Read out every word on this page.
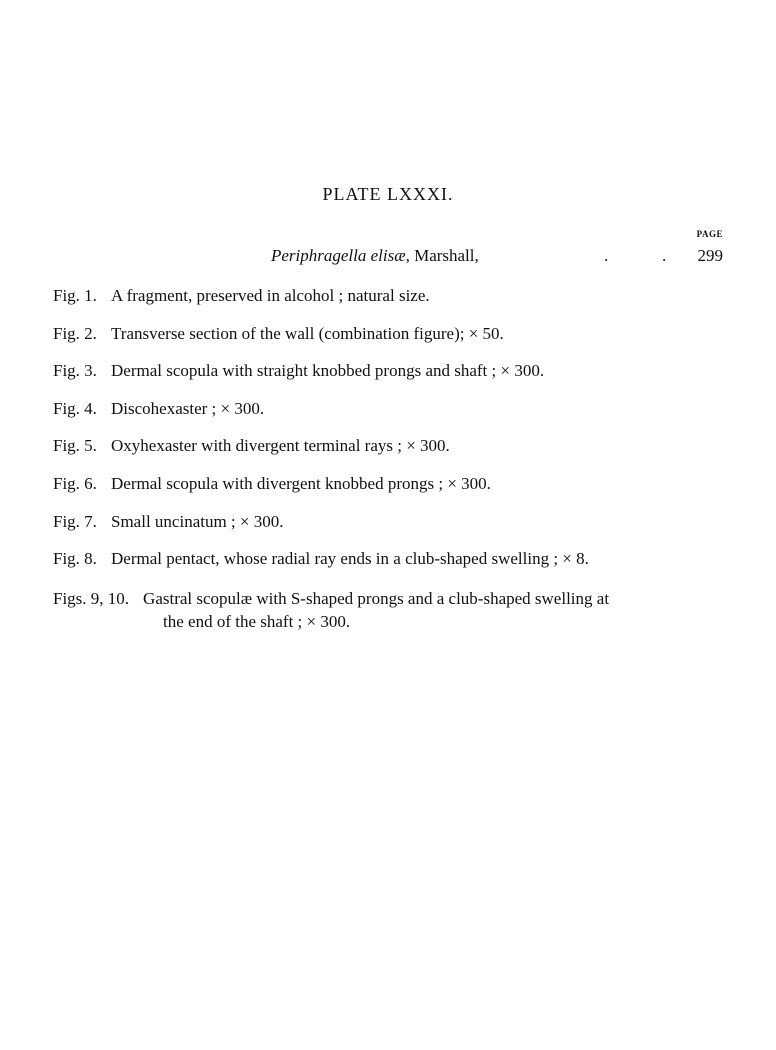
PLATE LXXXI.
PAGE
Periphragella elisæ, Marshall,	.	. 299
Fig. 1. A fragment, preserved in alcohol ; natural size.
Fig. 2. Transverse section of the wall (combination figure); × 50.
Fig. 3. Dermal scopula with straight knobbed prongs and shaft ; × 300.
Fig. 4. Discohexaster ; × 300.
Fig. 5. Oxyhexaster with divergent terminal rays ; × 300.
Fig. 6. Dermal scopula with divergent knobbed prongs ; × 300.
Fig. 7. Small uncinatum ; × 300.
Fig. 8. Dermal pentact, whose radial ray ends in a club-shaped swelling ; × 8.
Figs. 9, 10. Gastral scopulæ with S-shaped prongs and a club-shaped swelling at
the end of the shaft ; × 300.
